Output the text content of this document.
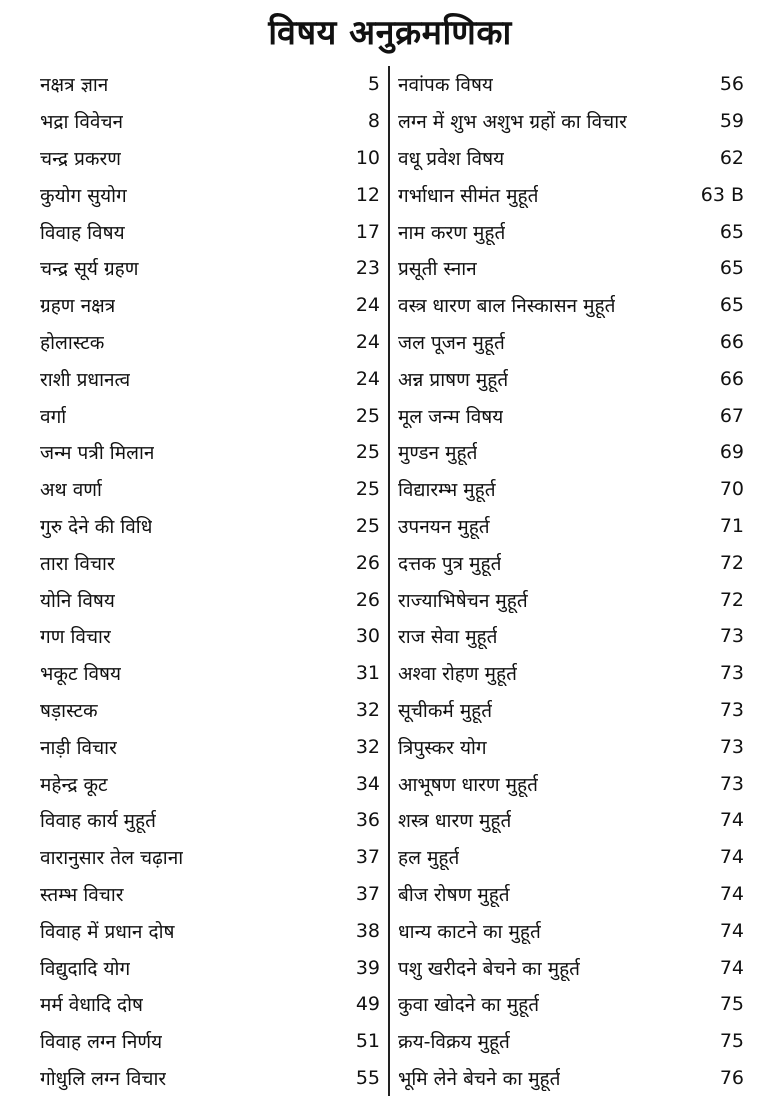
विषय अनुक्रमणिका
नक्षत्र ज्ञान	5
भद्रा विवेचन	8
चन्द्र प्रकरण	10
कुयोग सुयोग	12
विवाह विषय	17
चन्द्र सूर्य ग्रहण	23
ग्रहण नक्षत्र	24
होलास्टक	24
राशी प्रधानत्व	24
वर्गा	25
जन्म पत्री मिलान	25
अथ वर्णा	25
गुरु देने की विधि	25
तारा विचार	26
योनि विषय	26
गण विचार	30
भकूट विषय	31
षड़ास्टक	32
नाड़ी विचार	32
महेन्द्र कूट	34
विवाह कार्य मुहूर्त	36
वारानुसार तेल चढ़ाना	37
स्तम्भ विचार	37
विवाह में प्रधान दोष	38
विद्युदादि योग	39
मर्म वेधादि दोष	49
विवाह लग्न निर्णय	51
गोधुलि लग्न विचार	55
नवांपक विषय	56
लग्न में शुभ अशुभ ग्रहों का विचार	59
वधू प्रवेश विषय	62
गर्भाधान सीमंत मुहूर्त	63 B
नाम करण मुहूर्त	65
प्रसूती स्नान	65
वस्त्र धारण बाल निस्कासन मुहूर्त	65
जल पूजन मुहूर्त	66
अन्न प्राषण मुहूर्त	66
मूल जन्म विषय	67
मुण्डन मुहूर्त	69
विद्यारम्भ मुहूर्त	70
उपनयन मुहूर्त	71
दत्तक पुत्र मुहूर्त	72
राज्याभिषेचन मुहूर्त	72
राज सेवा मुहूर्त	73
अश्वा रोहण मुहूर्त	73
सूचीकर्म मुहूर्त	73
त्रिपुस्कर योग	73
आभूषण धारण मुहूर्त	73
शस्त्र धारण मुहूर्त	74
हल मुहूर्त	74
बीज रोषण मुहूर्त	74
धान्य काटने का मुहूर्त	74
पशु खरीदने बेचने का मुहूर्त	74
कुवा खोदने का मुहूर्त	75
क्रय-विक्रय मुहूर्त	75
भूमि लेने बेचने का मुहूर्त	76
